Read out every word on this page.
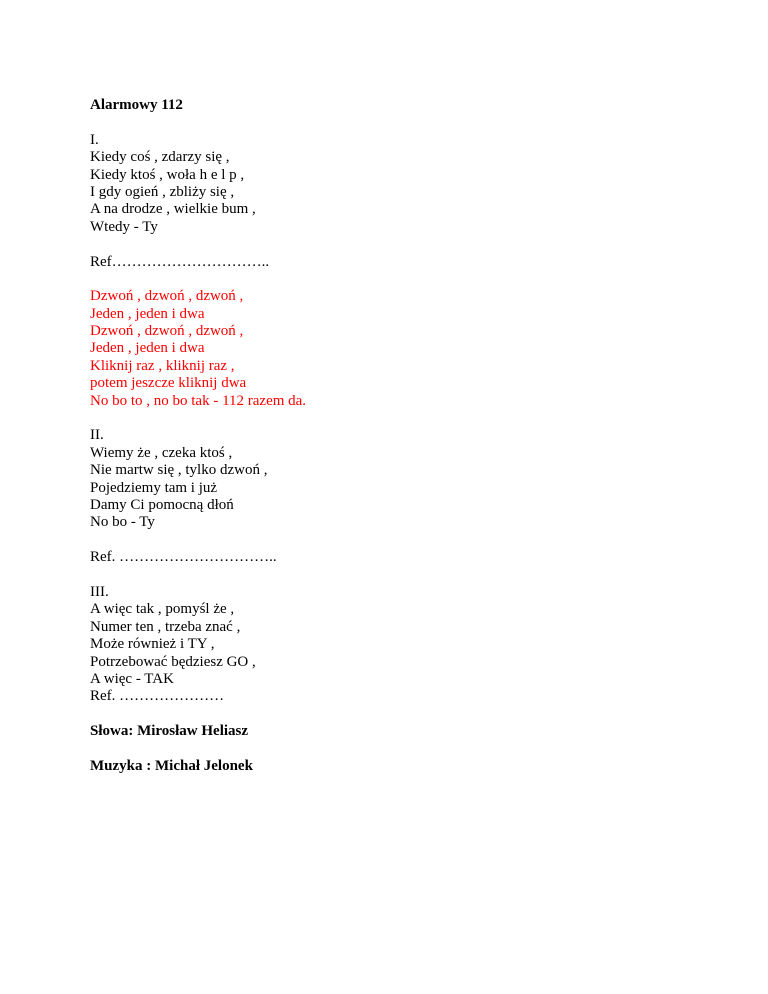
Alarmowy 112
I.
Kiedy coś , zdarzy się ,
Kiedy ktoś , woła h e l p ,
I gdy ogień , zbliży się ,
A na drodze , wielkie bum ,
Wtedy - Ty
Ref…………………………..
Dzwoń , dzwoń , dzwoń ,
Jeden , jeden i dwa
Dzwoń , dzwoń , dzwoń ,
Jeden , jeden i dwa
Kliknij raz , kliknij raz ,
potem jeszcze kliknij dwa
No bo to , no bo tak - 112 razem da.
II.
Wiemy że , czeka ktoś ,
Nie martw się , tylko dzwoń ,
Pojedziemy tam i już
Damy Ci pomocną dłoń
No bo - Ty
Ref. …………………………..
III.
A więc tak , pomyśl że ,
Numer ten , trzeba znać ,
Może również i TY ,
Potrzebować będziesz GO ,
A więc - TAK
Ref. …………………
Słowa: Mirosław Heliasz
Muzyka : Michał Jelonek
